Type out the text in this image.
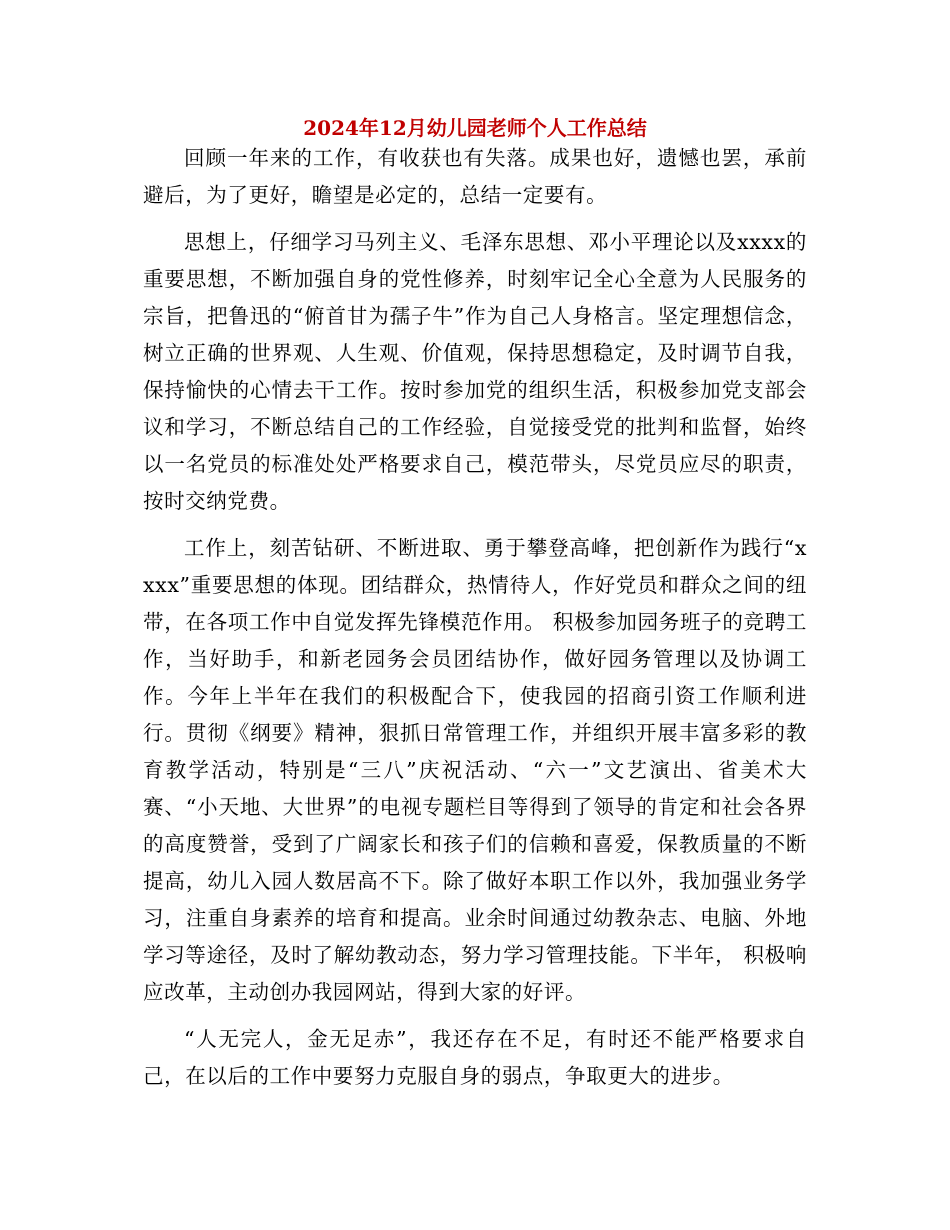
2024年12月幼儿园老师个人工作总结

回顾一年来的工作，有收获也有失落。成果也好，遗憾也罢，承前避后，为了更好，瞻望是必定的，总结一定要有。

思想上，仔细学习马列主义、毛泽东思想、邓小平理论以及xxxx的重要思想，不断加强自身的党性修养，时刻牢记全心全意为人民服务的宗旨，把鲁迅的“俯首甘为孺子牛”作为自己人身格言。坚定理想信念，树立正确的世界观、人生观、价值观，保持思想稳定，及时调节自我，保持愉快的心情去干工作。按时参加党的组织生活，积极参加党支部会议和学习，不断总结自己的工作经验，自觉接受党的批判和监督，始终以一名党员的标准处处严格要求自己，模范带头，尽党员应尽的职责，按时交纳党费。

工作上，刻苦钻研、不断进取、勇于攀登高峰，把创新作为践行“xxxx”重要思想的体现。团结群众，热情待人，作好党员和群众之间的纽带，在各项工作中自觉发挥先锋模范作用。 积极参加园务班子的竞聘工作，当好助手，和新老园务会员团结协作，做好园务管理以及协调工作。今年上半年在我们的积极配合下，使我园的招商引资工作顺利进行。贯彻《纲要》精神，狠抓日常管理工作，并组织开展丰富多彩的教育教学活动，特别是“三八”庆祝活动、“六一”文艺演出、省美术大赛、“小天地、大世界”的电视专题栏目等得到了领导的肯定和社会各界的高度赞誉，受到了广阔家长和孩子们的信赖和喜爱，保教质量的不断提高，幼儿入园人数居高不下。除了做好本职工作以外，我加强业务学习，注重自身素养的培育和提高。业余时间通过幼教杂志、电脑、外地学习等途径，及时了解幼教动态，努力学习管理技能。下半年， 积极响应改革，主动创办我园网站，得到大家的好评。

“人无完人，金无足赤”，我还存在不足，有时还不能严格要求自己，在以后的工作中要努力克服自身的弱点，争取更大的进步。
